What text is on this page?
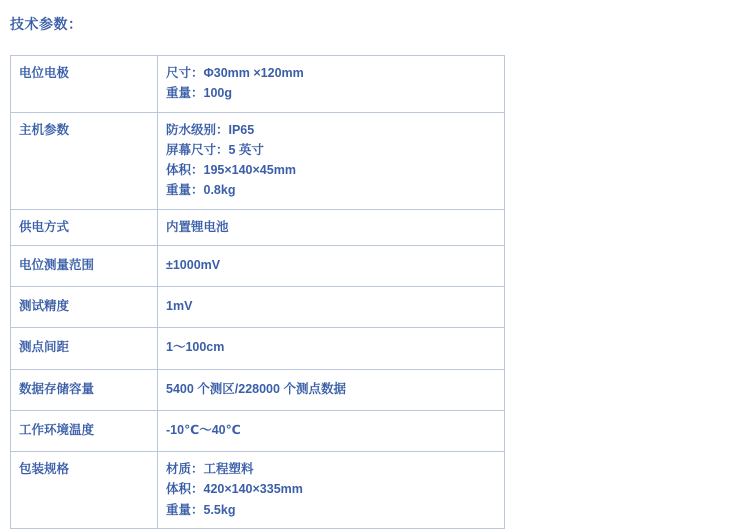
技术参数：
电位电极	尺寸：Φ30mm ×120mm
重量：100g

主机参数	防水级别：IP65
屏幕尺寸：5 英寸
体积：195×140×45mm
重量：0.8kg

供电方式	内置锂电池

电位测量范围	±1000mV

测试精度	1mV

测点间距	1～100cm

数据存储容量	5400 个测区/228000 个测点数据

工作环境温度	-10℃～40℃

包装规格	材质：工程塑料
体积：420×140×335mm
重量：5.5kg
